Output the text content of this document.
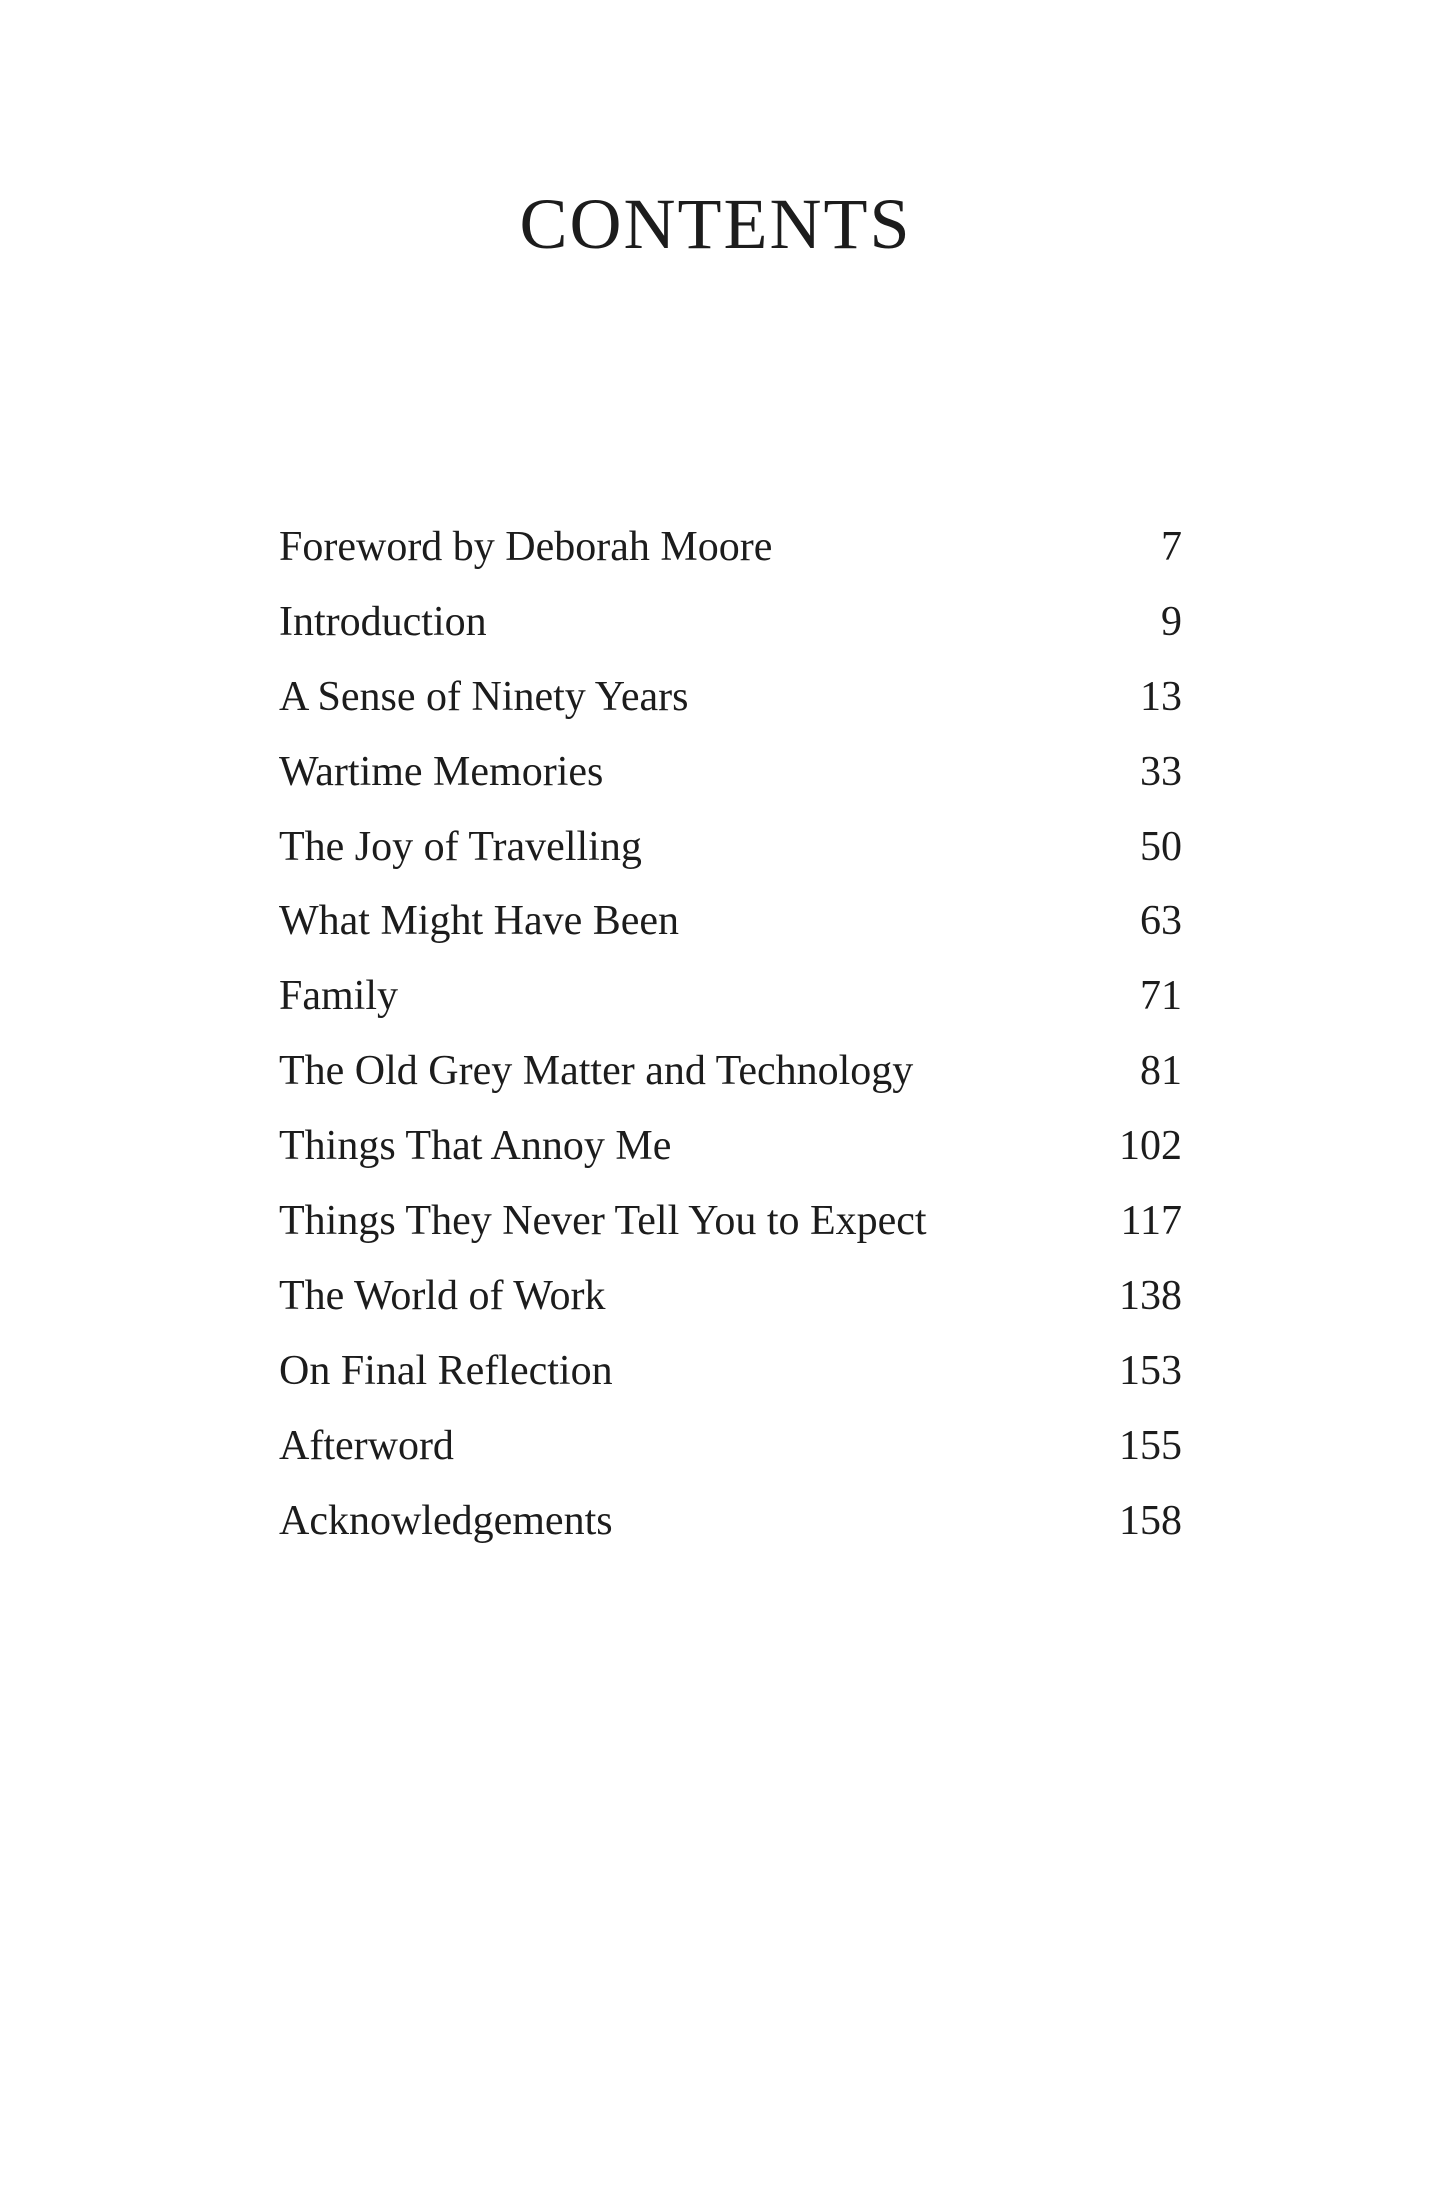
CONTENTS
Foreword by Deborah Moore	7
Introduction	9
A Sense of Ninety Years	13
Wartime Memories	33
The Joy of Travelling	50
What Might Have Been	63
Family	71
The Old Grey Matter and Technology	81
Things That Annoy Me	102
Things They Never Tell You to Expect	117
The World of Work	138
On Final Reflection	153
Afterword	155
Acknowledgements	158
